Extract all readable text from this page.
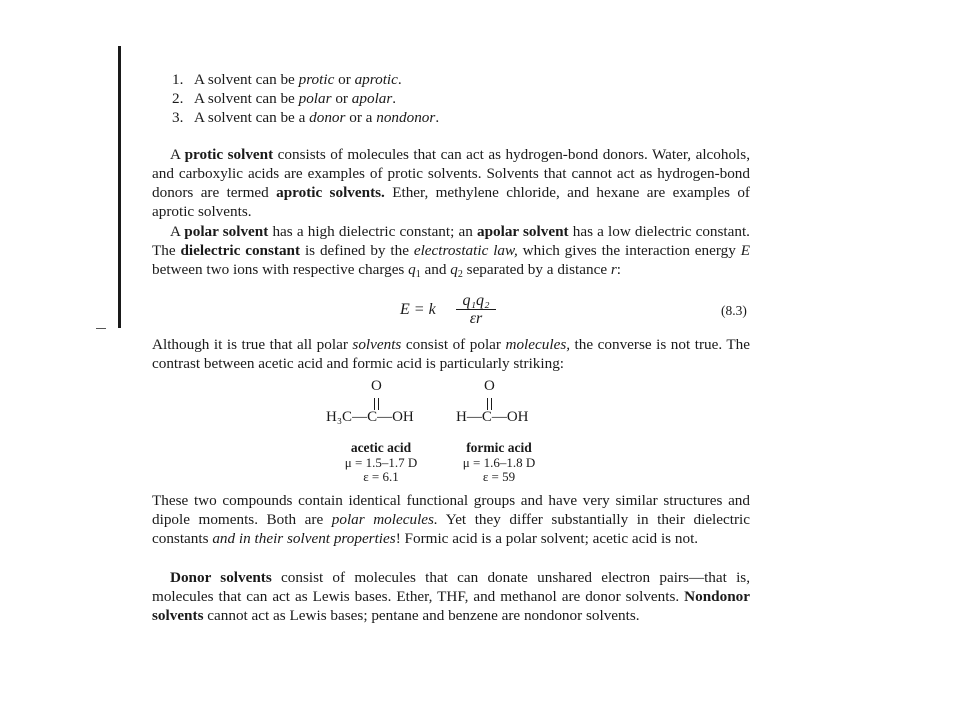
1. A solvent can be protic or aprotic.
2. A solvent can be polar or apolar.
3. A solvent can be a donor or a nondonor.

A protic solvent consists of molecules that can act as hydrogen-bond donors. Water, alcohols, and carboxylic acids are examples of protic solvents. Solvents that cannot act as hydrogen-bond donors are termed aprotic solvents. Ether, methylene chloride, and hexane are examples of aprotic solvents.

A polar solvent has a high dielectric constant; an apolar solvent has a low dielectric constant. The dielectric constant is defined by the electrostatic law, which gives the interaction energy E between two ions with respective charges $q_1$ and $q_2$ separated by a distance r:

E = k $\frac{\text{q₁q₂}}{\varepsilon r}$	(8.3)

Although it is true that all polar solvents consist of polar molecules, the converse is not true. The contrast between acetic acid and formic acid is particularly striking:

O
H₃C—C—OH
acetic acid
μ = 1.5–1.7 D
ε = 6.1
O
H—C—OH
formic acid
μ = 1.6–1.8 D
ε = 59

These two compounds contain identical functional groups and have very similar structures and dipole moments. Both are polar molecules. Yet they differ substantially in their dielectric constants and in their solvent properties! Formic acid is a polar solvent; acetic acid is not.

Donor solvents consist of molecules that can donate unshared electron pairs—that is, molecules that can act as Lewis bases. Ether, THF, and methanol are donor solvents. Nondonor solvents cannot act as Lewis bases; pentane and benzene are nondonor solvents.
